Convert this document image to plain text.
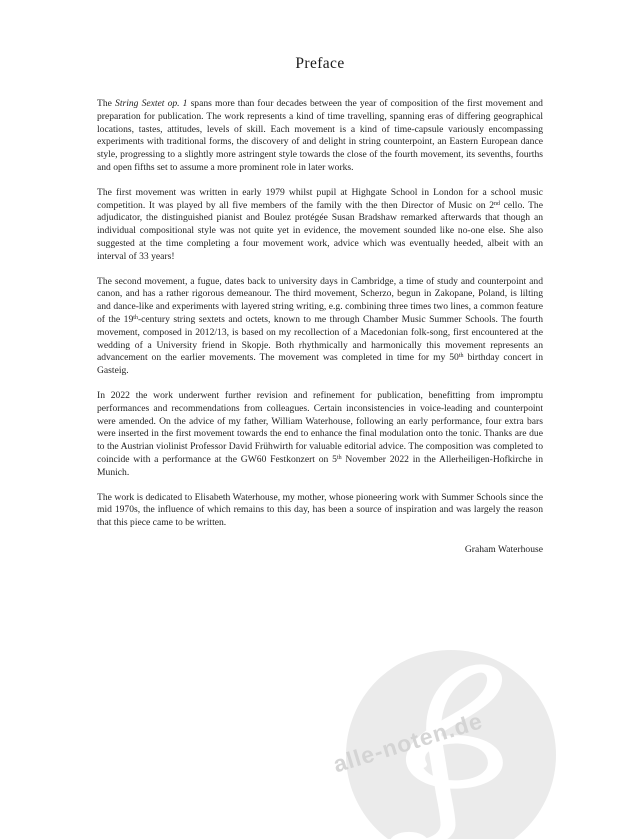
alle-noten.de
Preface

The String Sextet op. 1 spans more than four decades between the year of composition of the first movement and preparation for publication. The work represents a kind of time travelling, spanning eras of differing geographical locations, tastes, attitudes, levels of skill. Each movement is a kind of time-capsule variously encompassing experiments with traditional forms, the discovery of and delight in string counterpoint, an Eastern European dance style, progressing to a slightly more astringent style towards the close of the fourth movement, its sevenths, fourths and open fifths set to assume a more prominent role in later works.

The first movement was written in early 1979 whilst pupil at Highgate School in London for a school music competition. It was played by all five members of the family with the then Director of Music on 2nd cello. The adjudicator, the distinguished pianist and Boulez protégée Susan Bradshaw remarked afterwards that though an individual compositional style was not quite yet in evidence, the movement sounded like no-one else. She also suggested at the time completing a four movement work, advice which was eventually heeded, albeit with an interval of 33 years!

The second movement, a fugue, dates back to university days in Cambridge, a time of study and counterpoint and canon, and has a rather rigorous demeanour. The third movement, Scherzo, begun in Zakopane, Poland, is lilting and dance-like and experiments with layered string writing, e.g. combining three times two lines, a common feature of the 19th-century string sextets and octets, known to me through Chamber Music Summer Schools. The fourth movement, composed in 2012/13, is based on my recollection of a Macedonian folk-song, first encountered at the wedding of a University friend in Skopje. Both rhythmically and harmonically this movement represents an advancement on the earlier movements. The movement was completed in time for my 50th birthday concert in Gasteig.

In 2022 the work underwent further revision and refinement for publication, benefitting from impromptu performances and recommendations from colleagues. Certain inconsistencies in voice-leading and counterpoint were amended. On the advice of my father, William Waterhouse, following an early performance, four extra bars were inserted in the first movement towards the end to enhance the final modulation onto the tonic. Thanks are due to the Austrian violinist Professor David Frühwirth for valuable editorial advice. The composition was completed to coincide with a performance at the GW60 Festkonzert on 5th November 2022 in the Allerheiligen-Hofkirche in Munich.

The work is dedicated to Elisabeth Waterhouse, my mother, whose pioneering work with Summer Schools since the mid 1970s, the influence of which remains to this day, has been a source of inspiration and was largely the reason that this piece came to be written.

Graham Waterhouse
